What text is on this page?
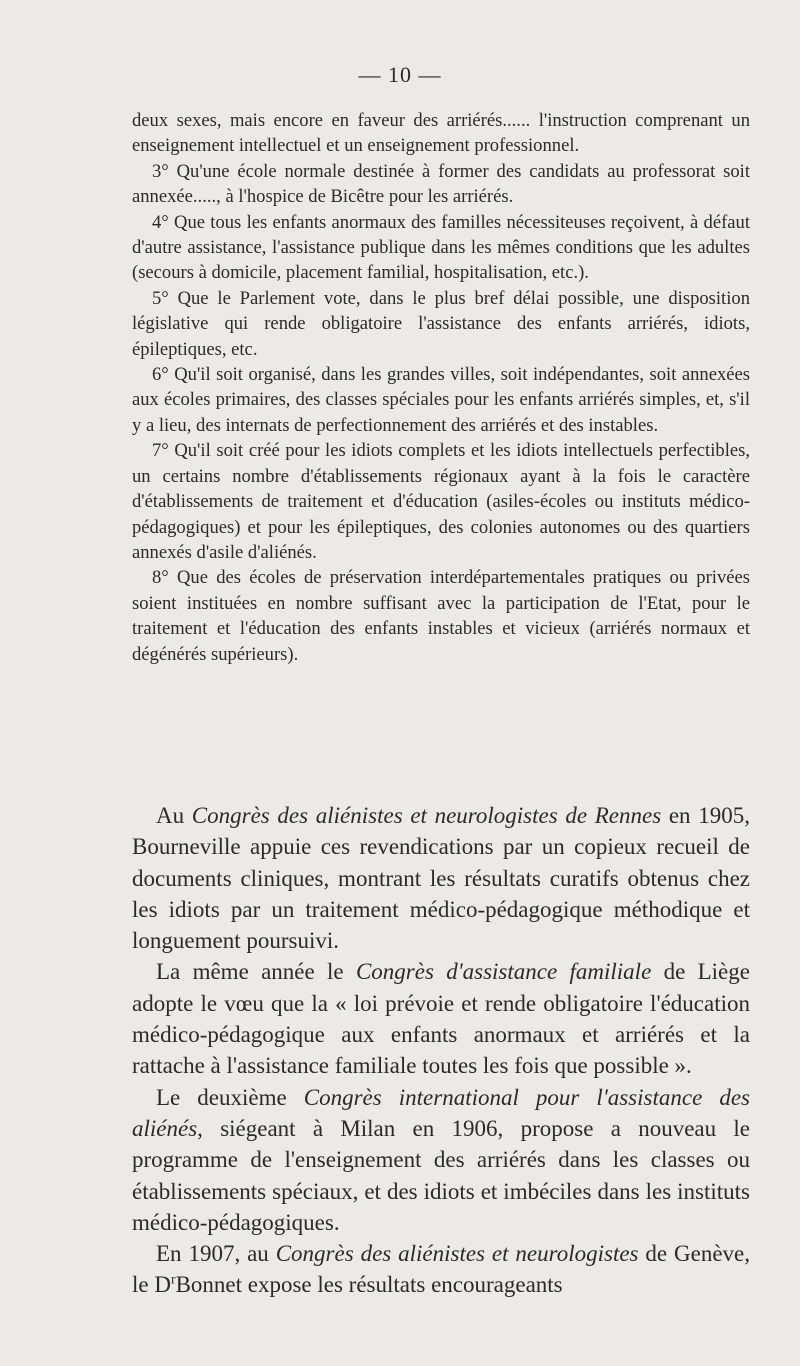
— 10 —

deux sexes, mais encore en faveur des arriérés...... l'instruction comprenant un enseignement intellectuel et un enseignement professionnel.

3° Qu'une école normale destinée à former des candidats au professorat soit annexée....., à l'hospice de Bicêtre pour les arriérés.

4° Que tous les enfants anormaux des familles nécessiteuses reçoivent, à défaut d'autre assistance, l'assistance publique dans les mêmes conditions que les adultes (secours à domicile, placement familial, hospitalisation, etc.).

5° Que le Parlement vote, dans le plus bref délai possible, une disposition législative qui rende obligatoire l'assistance des enfants arriérés, idiots, épileptiques, etc.

6° Qu'il soit organisé, dans les grandes villes, soit indépendantes, soit annexées aux écoles primaires, des classes spéciales pour les enfants arriérés simples, et, s'il y a lieu, des internats de perfectionnement des arriérés et des instables.

7° Qu'il soit créé pour les idiots complets et les idiots intellectuels perfectibles, un certains nombre d'établissements régionaux ayant à la fois le caractère d'établissements de traitement et d'éducation (asiles-écoles ou instituts médico-pédagogiques) et pour les épileptiques, des colonies autonomes ou des quartiers annexés d'asile d'aliénés.

8° Que des écoles de préservation interdépartementales pratiques ou privées soient instituées en nombre suffisant avec la participation de l'Etat, pour le traitement et l'éducation des enfants instables et vicieux (arriérés normaux et dégénérés supérieurs).

Au Congrès des aliénistes et neurologistes de Rennes en 1905, Bourneville appuie ces revendications par un copieux recueil de documents cliniques, montrant les résultats curatifs obtenus chez les idiots par un traitement médico-pédagogique méthodique et longuement poursuivi.

La même année le Congrès d'assistance familiale de Liège adopte le vœu que la « loi prévoie et rende obligatoire l'éducation médico-pédagogique aux enfants anormaux et arriérés et la rattache à l'assistance familiale toutes les fois que possible ».

Le deuxième Congrès international pour l'assistance des aliénés, siégeant à Milan en 1906, propose a nouveau le programme de l'enseignement des arriérés dans les classes ou établissements spéciaux, et des idiots et imbéciles dans les instituts médico-pédagogiques.

En 1907, au Congrès des aliénistes et neurologistes de Genève, le $D^rBonnet$ expose les résultats encourageants
